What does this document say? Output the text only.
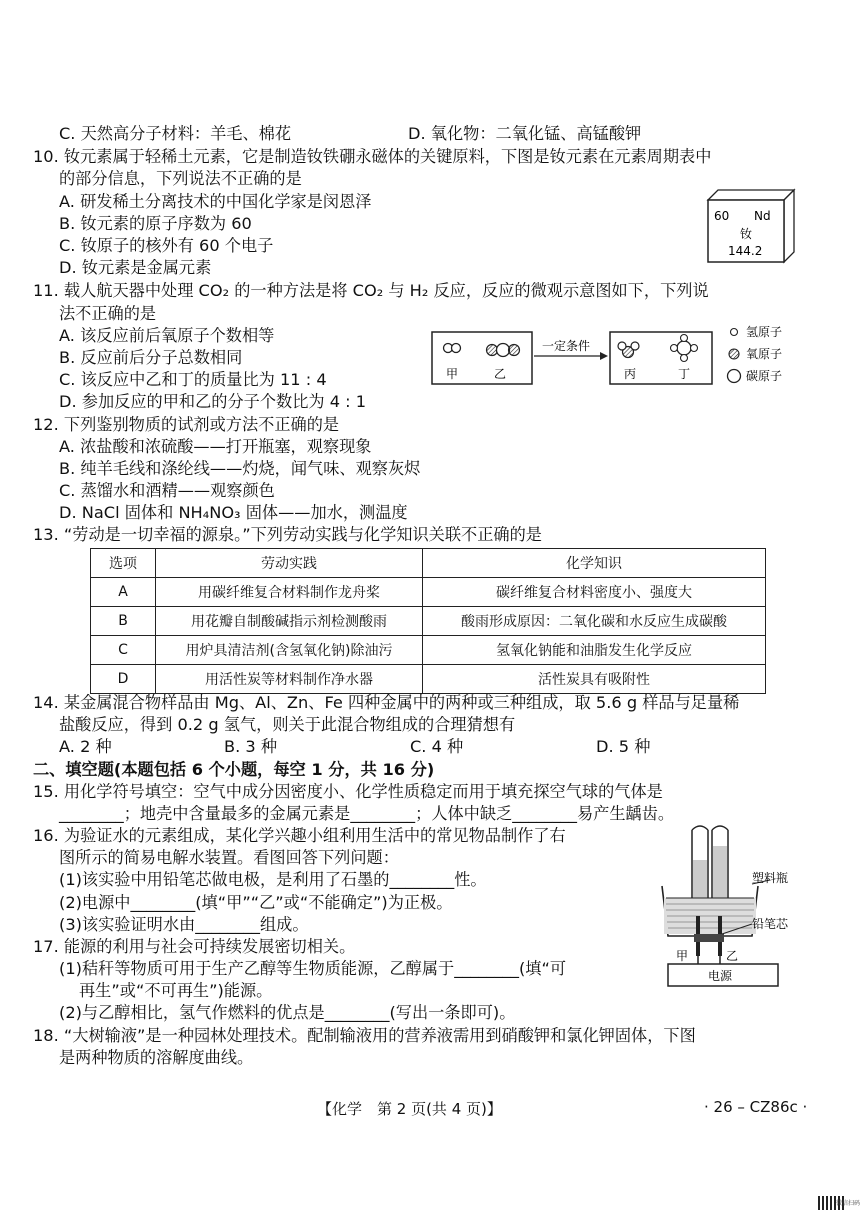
C. 天然高分子材料：羊毛、棉花	D. 氧化物：二氧化锰、高锰酸钾
10. 钕元素属于轻稀土元素，它是制造钕铁硼永磁体的关键原料，下图是钕元素在元素周期表中
的部分信息，下列说法不正确的是
A. 研发稀土分离技术的中国化学家是闵恩泽
B. 钕元素的原子序数为 60
C. 钕原子的核外有 60 个电子
D. 钕元素是金属元素
60 Nd
钕
144.2
11. 载人航天器中处理 CO₂ 的一种方法是将 CO₂ 与 H₂ 反应，反应的微观示意图如下，下列说
法不正确的是
A. 该反应前后氧原子个数相等
B. 反应前后分子总数相同
C. 该反应中乙和丁的质量比为 11 : 4
D. 参加反应的甲和乙的分子个数比为 4 : 1
甲	乙
一定条件
丙	丁
氢原子
氧原子
碳原子
12. 下列鉴别物质的试剂或方法不正确的是
A. 浓盐酸和浓硫酸——打开瓶塞，观察现象
B. 纯羊毛线和涤纶线——灼烧，闻气味、观察灰烬
C. 蒸馏水和酒精——观察颜色
D. NaCl 固体和 NH₄NO₃ 固体——加水，测温度
13. “劳动是一切幸福的源泉。”下列劳动实践与化学知识关联不正确的是
选项	劳动实践	化学知识
A	用碳纤维复合材料制作龙舟桨	碳纤维复合材料密度小、强度大
B	用花瓣自制酸碱指示剂检测酸雨	酸雨形成原因：二氧化碳和水反应生成碳酸
C	用炉具清洁剂(含氢氧化钠)除油污	氢氧化钠能和油脂发生化学反应
D	用活性炭等材料制作净水器	活性炭具有吸附性
14. 某金属混合物样品由 Mg、Al、Zn、Fe 四种金属中的两种或三种组成，取 5.6 g 样品与足量稀
盐酸反应，得到 0.2 g 氢气，则关于此混合物组成的合理猜想有
A. 2 种	B. 3 种	C. 4 种	D. 5 种
二、填空题(本题包括 6 个小题，每空 1 分，共 16 分)
15. 用化学符号填空：空气中成分因密度小、化学性质稳定而用于填充探空气球的气体是
________；地壳中含量最多的金属元素是________；人体中缺乏________易产生龋齿。
16. 为验证水的元素组成，某化学兴趣小组利用生活中的常见物品制作了右
图所示的简易电解水装置。看图回答下列问题：
(1)该实验中用铅笔芯做电极，是利用了石墨的________性。
(2)电源中________(填“甲”“乙”或“不能确定”)为正极。
(3)该实验证明水由________组成。
电源
甲	乙
塑料瓶
铅笔芯
17. 能源的利用与社会可持续发展密切相关。
(1)秸秆等物质可用于生产乙醇等生物质能源，乙醇属于________(填“可
再生”或“不可再生”)能源。
(2)与乙醇相比，氢气作燃料的优点是________(写出一条即可)。
18. “大树输液”是一种园林处理技术。配制输液用的营养液需用到硝酸钾和氯化钾固体，下图
是两种物质的溶解度曲线。
【化学　第 2 页(共 4 页)】	· 26 – CZ86c ·
微信扫码
